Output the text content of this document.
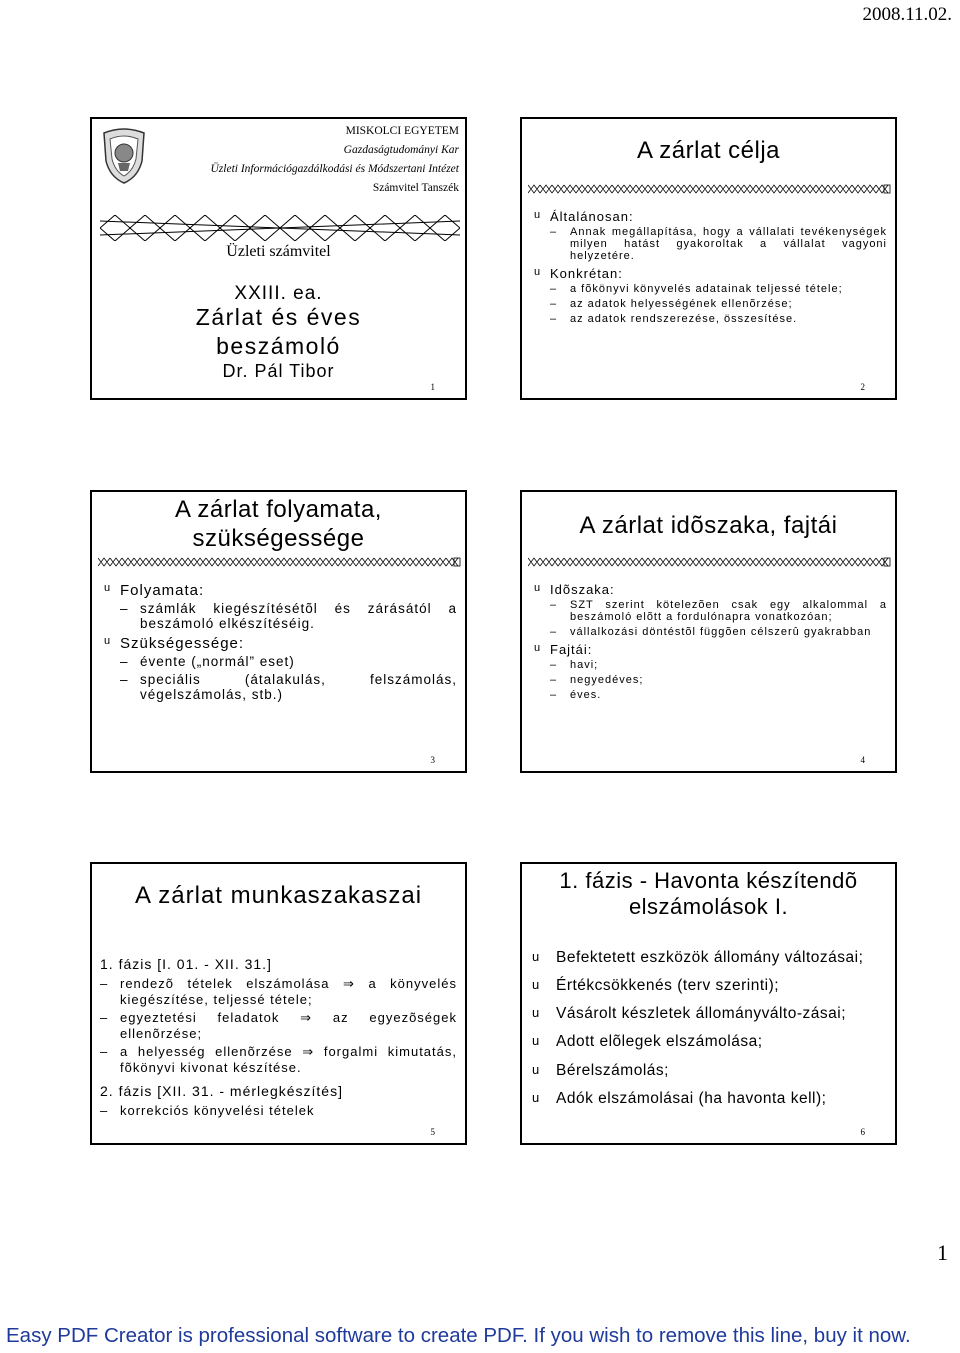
2008.11.02.
MISKOLCI EGYETEM
Gazdaságtudományi Kar
Üzleti Információgazdálkodási és Módszertani Intézet
Számvitel Tanszék
Üzleti számvitel
XXIII. ea.
Zárlat és éves
beszámoló
Dr. Pál Tibor
1
A zárlat célja
u Általánosan:
– Annak megállapítása, hogy a vállalati tevékenységek milyen hatást gyakoroltak a vállalat vagyoni helyzetére.
u Konkrétan:
– a fõkönyvi könyvelés adatainak teljessé tétele;
– az adatok helyességének ellenõrzése;
– az adatok rendszerezése, összesítése.
2
A zárlat folyamata,
szükségessége
u Folyamata:
– számlák kiegészítésétõl és zárásától a beszámoló elkészítéséig.
u Szükségessége:
– évente („normál” eset)
– speciális (átalakulás, felszámolás, végelszámolás, stb.)
3
A zárlat idõszaka, fajtái
u Idõszaka:
– SZT szerint kötelezõen csak egy alkalommal a beszámoló elõtt a fordulónapra vonatkozóan;
– vállalkozási döntéstõl függõen célszerû gyakrabban
u Fajtái:
– havi;
– negyedéves;
– éves.
4
A zárlat munkaszakaszai
1. fázis [I. 01. - XII. 31.]
– rendezõ tételek elszámolása ⇒ a könyvelés kiegészítése, teljessé tétele;
– egyeztetési feladatok ⇒ az egyezõségek ellenõrzése;
– a helyesség ellenõrzése ⇒ forgalmi kimutatás, fõkönyvi kivonat készítése.
2. fázis [XII. 31. - mérlegkészítés]
– korrekciós könyvelési tételek
5
1. fázis - Havonta készítendõ
elszámolások I.
u Befektetett eszközök állomány változásai;
u Értékcsökkenés (terv szerinti);
u Vásárolt készletek állományválto-zásai;
u Adott elõlegek elszámolása;
u Bérelszámolás;
u Adók elszámolásai (ha havonta kell);
6
1
Easy PDF Creator is professional software to create PDF. If you wish to remove this line, buy it now.
